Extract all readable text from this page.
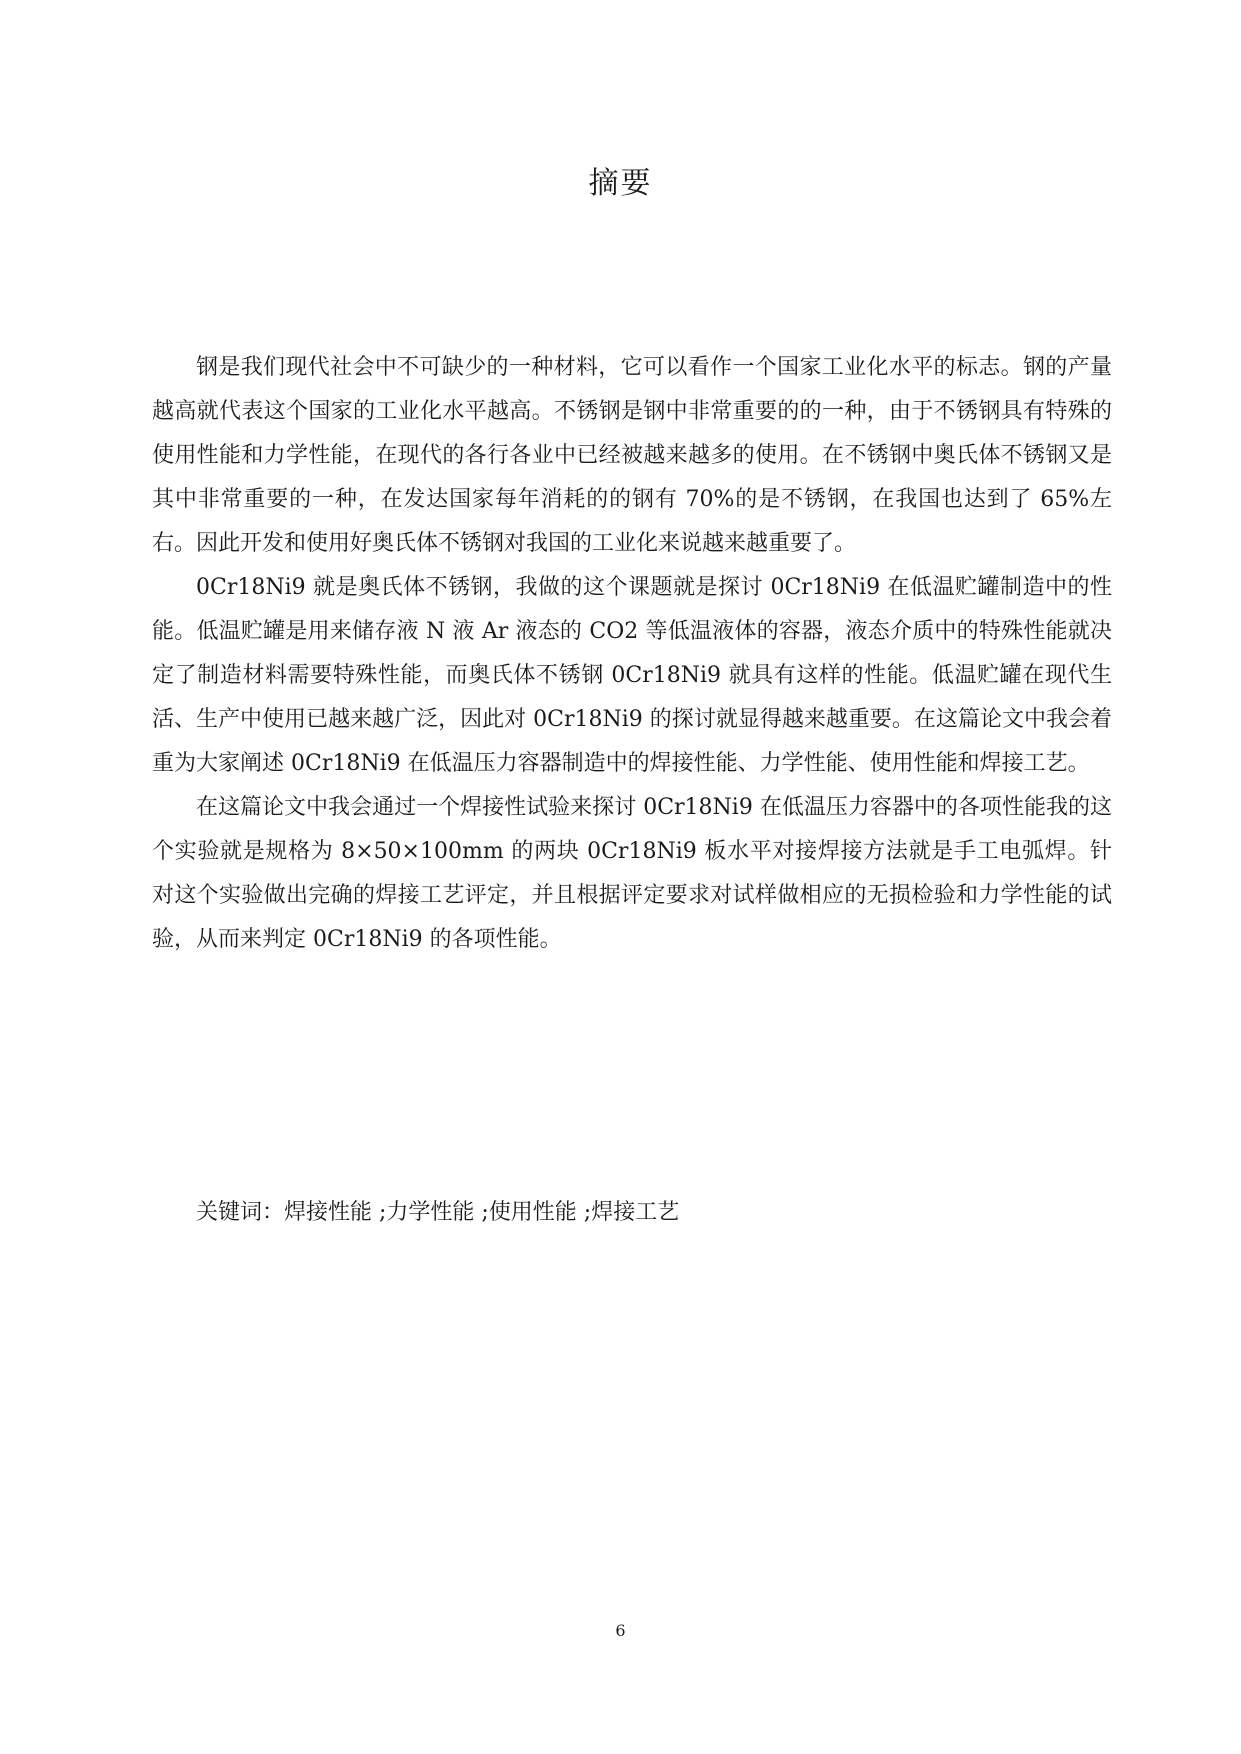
摘要

钢是我们现代社会中不可缺少的一种材料，它可以看作一个国家工业化水平的标志。钢的产量越高就代表这个国家的工业化水平越高。不锈钢是钢中非常重要的的一种，由于不锈钢具有特殊的使用性能和力学性能，在现代的各行各业中已经被越来越多的使用。在不锈钢中奥氏体不锈钢又是其中非常重要的一种，在发达国家每年消耗的的钢有 70%的是不锈钢，在我国也达到了 65%左右。因此开发和使用好奥氏体不锈钢对我国的工业化来说越来越重要了。

0Cr18Ni9 就是奥氏体不锈钢，我做的这个课题就是探讨 0Cr18Ni9 在低温贮罐制造中的性能。低温贮罐是用来储存液 N 液 Ar 液态的 CO2 等低温液体的容器，液态介质中的特殊性能就决定了制造材料需要特殊性能，而奥氏体不锈钢 0Cr18Ni9 就具有这样的性能。低温贮罐在现代生活、生产中使用已越来越广泛，因此对 0Cr18Ni9 的探讨就显得越来越重要。在这篇论文中我会着重为大家阐述 0Cr18Ni9 在低温压力容器制造中的焊接性能、力学性能、使用性能和焊接工艺。

在这篇论文中我会通过一个焊接性试验来探讨 0Cr18Ni9 在低温压力容器中的各项性能我的这个实验就是规格为 8×50×100mm 的两块 0Cr18Ni9 板水平对接焊接方法就是手工电弧焊。针对这个实验做出完确的焊接工艺评定，并且根据评定要求对试样做相应的无损检验和力学性能的试验，从而来判定 0Cr18Ni9 的各项性能。

关键词：焊接性能 ;力学性能 ;使用性能 ;焊接工艺

6
